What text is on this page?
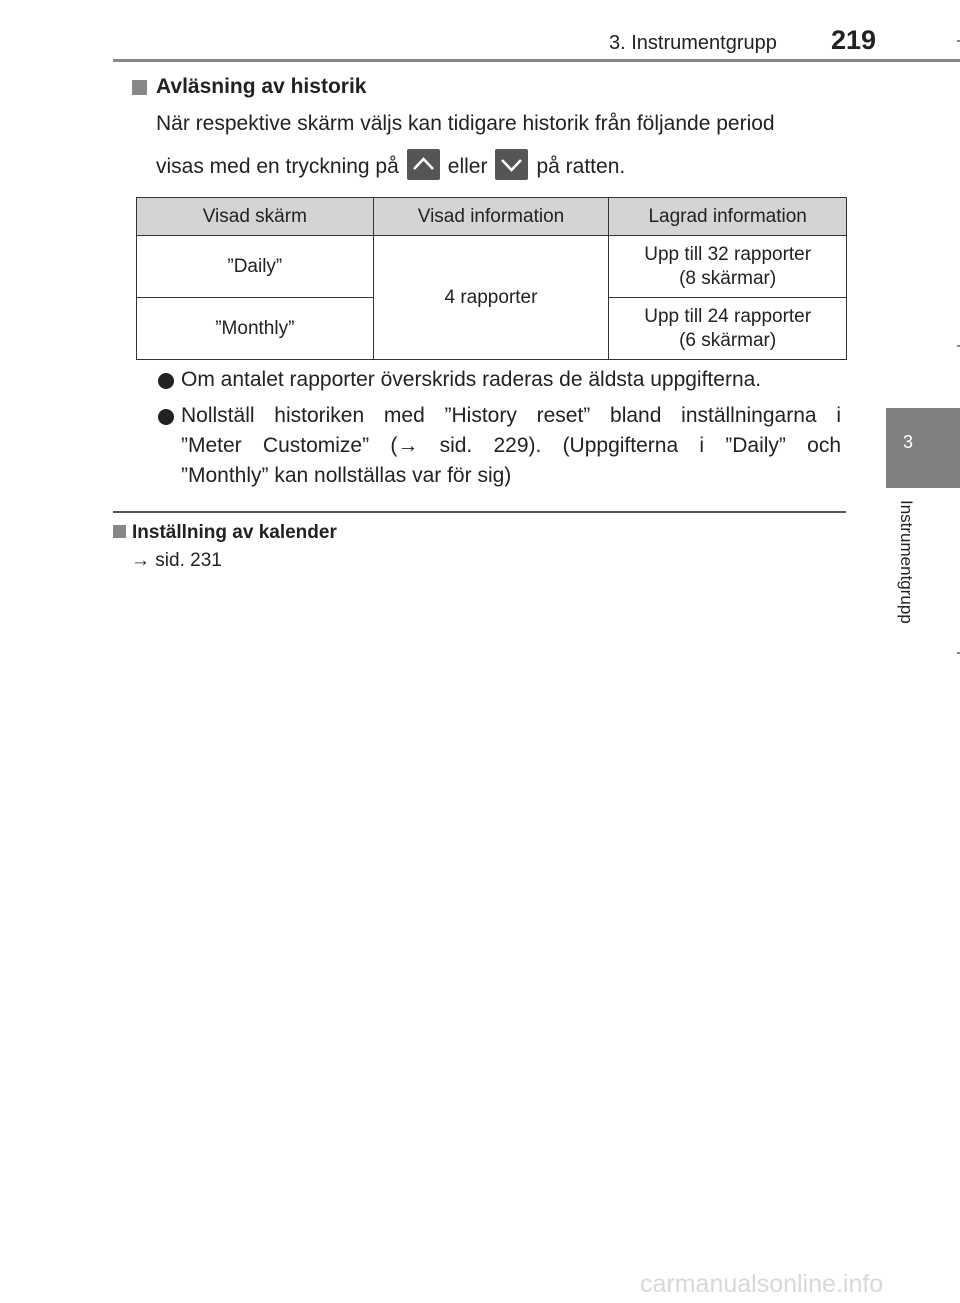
3. Instrumentgrupp 219
3
Instrumentgrupp
Avläsning av historik
När respektive skärm väljs kan tidigare historik från följande period
visas med en tryckning på eller på ratten.
Visad skärm	Visad information	Lagrad information
”Daily”	4 rapporter	Upp till 32 rapporter
(8 skärmar)

”Monthly”		Upp till 24 rapporter
(6 skärmar)
Om antalet rapporter överskrids raderas de äldsta uppgifterna.
Nollställ historiken med ”History reset” bland inställningarna i
”Meter Customize” (→ sid. 229). (Uppgifterna i ”Daily” och
”Monthly” kan nollställas var för sig)
Inställning av kalender
→ sid. 231
carmanualsonline.info
